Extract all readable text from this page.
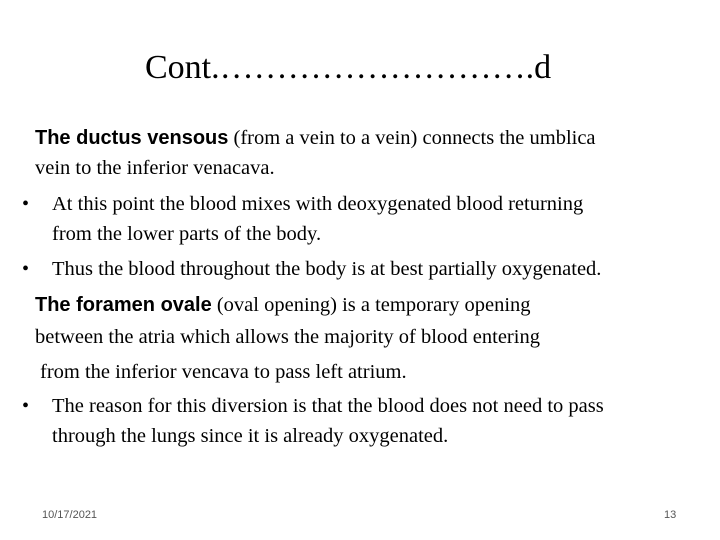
Cont.……………………….d
The ductus vensous (from a vein to a vein) connects the umblica
vein to the inferior venacava.
• At this point the blood mixes with deoxygenated blood returning
from the lower parts of the body.
• Thus the blood throughout the body is at best partially oxygenated.
The foramen ovale (oval opening) is a temporary opening
between the atria which allows the majority of blood entering
from the inferior vencava to pass left atrium.
• The reason for this diversion is that the blood does not need to pass
through the lungs since it is already oxygenated.
10/17/2021	13
